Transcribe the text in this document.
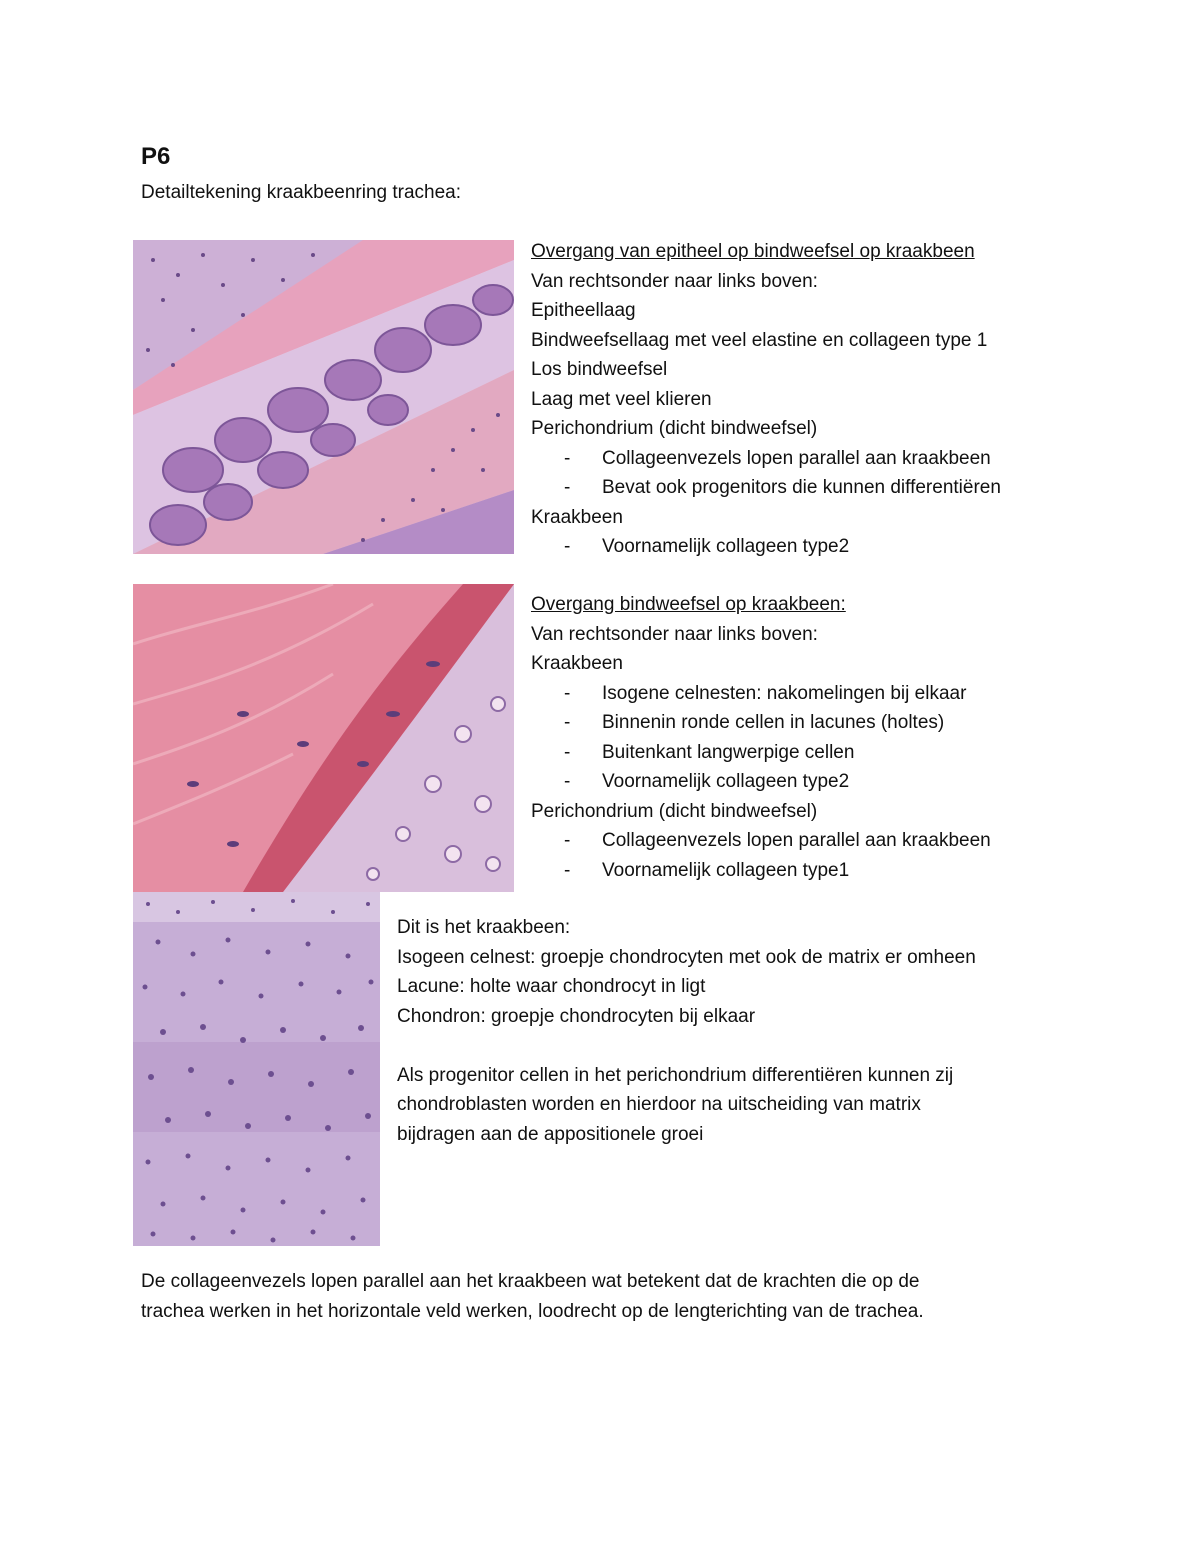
P6
Detailtekening kraakbeenring trachea:
Overgang van epitheel op bindweefsel op kraakbeen
Van rechtsonder naar links boven:
Epitheellaag
Bindweefsellaag met veel elastine en collageen type 1
Los bindweefsel
Laag met veel klieren
Perichondrium (dicht bindweefsel)
- Collageenvezels lopen parallel aan kraakbeen
- Bevat ook progenitors die kunnen differentiëren
Kraakbeen
- Voornamelijk collageen type2
Overgang bindweefsel op kraakbeen:
Van rechtsonder naar links boven:
Kraakbeen
- Isogene celnesten: nakomelingen bij elkaar
- Binnenin ronde cellen in lacunes (holtes)
- Buitenkant langwerpige cellen
- Voornamelijk collageen type2
Perichondrium (dicht bindweefsel)
- Collageenvezels lopen parallel aan kraakbeen
- Voornamelijk collageen type1
Dit is het kraakbeen:
Isogeen celnest: groepje chondrocyten met ook de matrix er omheen
Lacune: holte waar chondrocyt in ligt
Chondron: groepje chondrocyten bij elkaar
Als progenitor cellen in het perichondrium differentiëren kunnen zij
chondroblasten worden en hierdoor na uitscheiding van matrix
bijdragen aan de appositionele groei
De collageenvezels lopen parallel aan het kraakbeen wat betekent dat de krachten die op de
trachea werken in het horizontale veld werken, loodrecht op de lengterichting van de trachea.
